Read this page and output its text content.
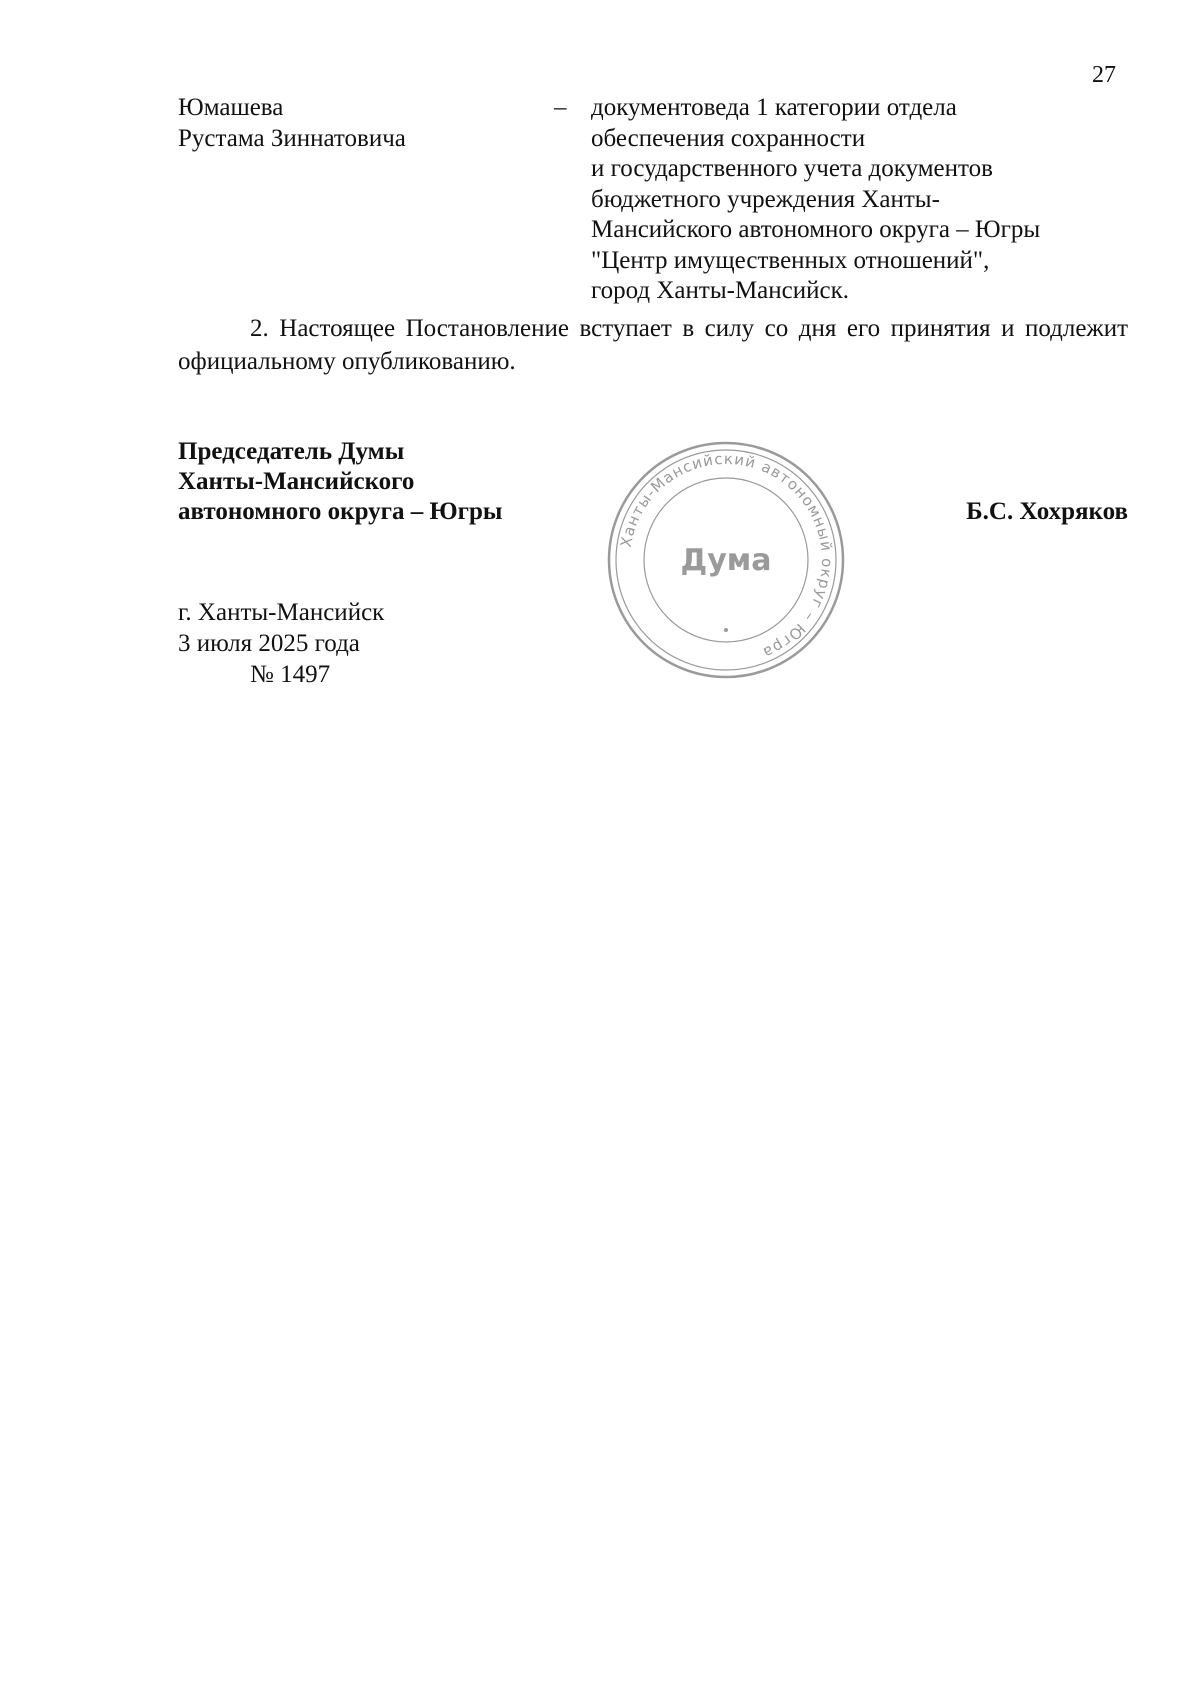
27
Юмашева
Рустама Зиннатовича
– документоведа 1 категории отдела
обеспечения сохранности
и государственного учета документов
бюджетного учреждения Ханты-
Мансийского автономного округа – Югры
"Центр имущественных отношений",
город Ханты-Мансийск.

2. Настоящее Постановление вступает в силу со дня его принятия и подлежит официальному опубликованию.

Председатель Думы
Ханты-Мансийского
автономного округа – Югры	Б.С. Хохряков
Ханты-Мансийский автономный округ – Югра
Дума
г. Ханты-Мансийск
3 июля 2025 года
№ 1497
